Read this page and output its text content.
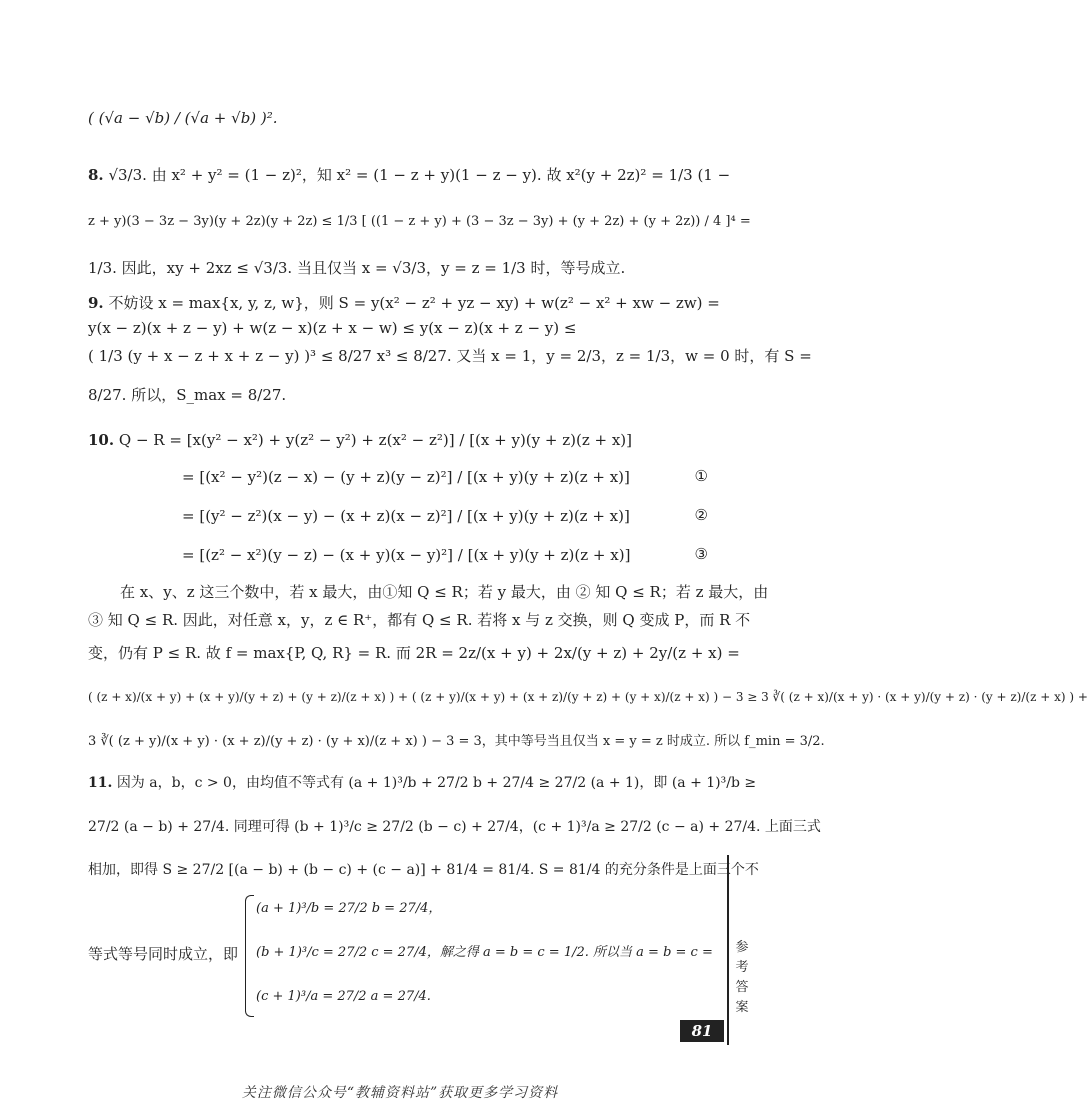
( (√a − √b) / (√a + √b) )².
8. √3/3. 由 x² + y² = (1 − z)²，知 x² = (1 − z + y)(1 − z − y). 故 x²(y + 2z)² = 1/3 (1 −
z + y)(3 − 3z − 3y)(y + 2z)(y + 2z) ≤ 1/3 [ ((1 − z + y) + (3 − 3z − 3y) + (y + 2z) + (y + 2z)) / 4 ]⁴ =
1/3. 因此，xy + 2xz ≤ √3/3. 当且仅当 x = √3/3，y = z = 1/3 时，等号成立.
9. 不妨设 x = max{x, y, z, w}，则 S = y(x² − z² + yz − xy) + w(z² − x² + xw − zw) =
y(x − z)(x + z − y) + w(z − x)(z + x − w) ≤ y(x − z)(x + z − y) ≤
( 1/3 (y + x − z + x + z − y) )³ ≤ 8/27 x³ ≤ 8/27. 又当 x = 1，y = 2/3，z = 1/3，w = 0 时，有 S =
8/27. 所以，S_max = 8/27.
10. Q − R = [x(y² − x²) + y(z² − y²) + z(x² − z²)] / [(x + y)(y + z)(z + x)]
= [(x² − y²)(z − x) − (y + z)(y − z)²] / [(x + y)(y + z)(z + x)]	①
= [(y² − z²)(x − y) − (x + z)(x − z)²] / [(x + y)(y + z)(z + x)]	②
= [(z² − x²)(y − z) − (x + y)(x − y)²] / [(x + y)(y + z)(z + x)]	③
在 x、y、z 这三个数中，若 x 最大，由①知 Q ≤ R；若 y 最大，由 ② 知 Q ≤ R；若 z 最大，由
③ 知 Q ≤ R. 因此，对任意 x，y，z ∈ R⁺，都有 Q ≤ R. 若将 x 与 z 交换，则 Q 变成 P，而 R 不
变，仍有 P ≤ R. 故 f = max{P, Q, R} = R. 而 2R = 2z/(x + y) + 2x/(y + z) + 2y/(z + x) =
( (z + x)/(x + y) + (x + y)/(y + z) + (y + z)/(z + x) ) + ( (z + y)/(x + y) + (x + z)/(y + z) + (y + x)/(z + x) ) − 3 ≥ 3 ∛( (z + x)/(x + y) · (x + y)/(y + z) · (y + z)/(z + x) ) +
3 ∛( (z + y)/(x + y) · (x + z)/(y + z) · (y + x)/(z + x) ) − 3 = 3，其中等号当且仅当 x = y = z 时成立. 所以 f_min = 3/2.
11. 因为 a，b，c > 0，由均值不等式有 (a + 1)³/b + 27/2 b + 27/4 ≥ 27/2 (a + 1)，即 (a + 1)³/b ≥
27/2 (a − b) + 27/4. 同理可得 (b + 1)³/c ≥ 27/2 (b − c) + 27/4，(c + 1)³/a ≥ 27/2 (c − a) + 27/4. 上面三式
相加，即得 S ≥ 27/2 [(a − b) + (b − c) + (c − a)] + 81/4 = 81/4. S = 81/4 的充分条件是上面三个不
等式等号同时成立，即
(a + 1)³/b = 27/2 b = 27/4，
(b + 1)³/c = 27/2 c = 27/4，解之得 a = b = c = 1/2. 所以当 a = b = c =
(c + 1)³/a = 27/2 a = 27/4.
参考答案
81
关注微信公众号“教辅资料站”获取更多学习资料
